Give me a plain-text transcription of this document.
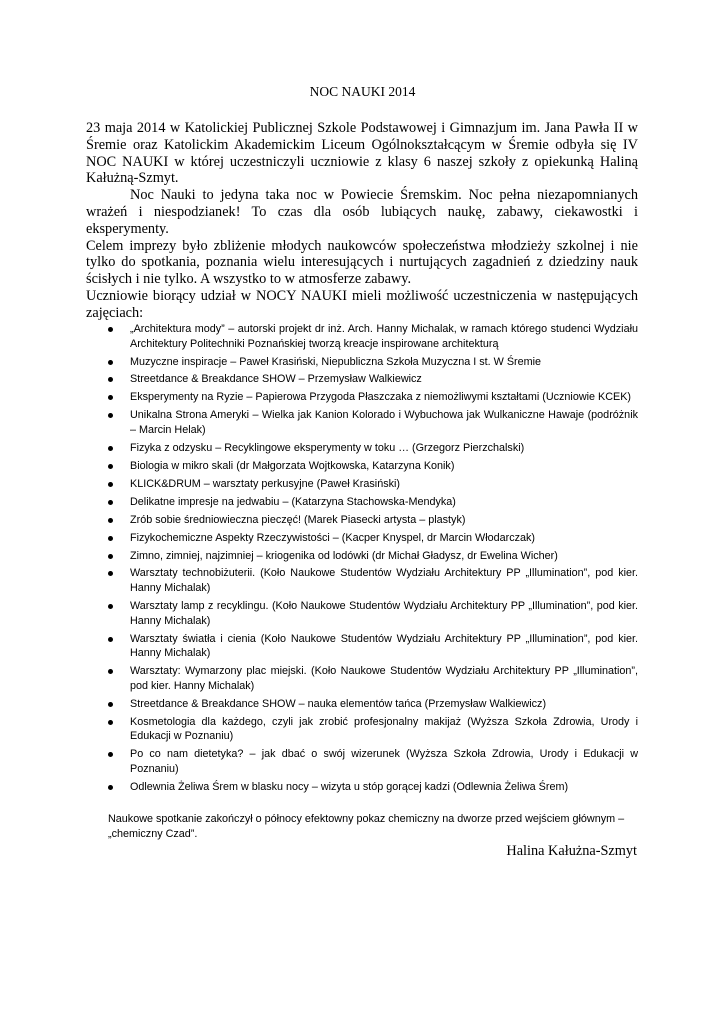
NOC NAUKI 2014

23 maja 2014 w Katolickiej Publicznej Szkole Podstawowej i Gimnazjum im. Jana Pawła II w Śremie oraz Katolickim Akademickim Liceum Ogólnokształcącym w Śremie odbyła się IV NOC NAUKI w której uczestniczyli uczniowie z klasy 6 naszej szkoły z opiekunką Haliną Kałużną-Szmyt.

Noc Nauki to jedyna taka noc w Powiecie Śremskim. Noc pełna niezapomnianych wrażeń i niespodzianek! To czas dla osób lubiących naukę, zabawy, ciekawostki i eksperymenty.

Celem imprezy było zbliżenie młodych naukowców społeczeństwa młodzieży szkolnej i nie tylko do spotkania, poznania wielu interesujących i nurtujących zagadnień z dziedziny nauk ścisłych i nie tylko. A wszystko to w atmosferze zabawy.

Uczniowie biorący udział w NOCY NAUKI mieli możliwość uczestniczenia w następujących zajęciach:

„Architektura mody” – autorski projekt dr inż. Arch. Hanny Michalak, w ramach którego studenci Wydziału Architektury Politechniki Poznańskiej tworzą kreacje inspirowane architekturą
Muzyczne inspiracje – Paweł Krasiński, Niepubliczna Szkoła Muzyczna I st. W Śremie
Streetdance & Breakdance SHOW – Przemysław Walkiewicz
Eksperymenty na Ryzie – Papierowa Przygoda Płaszczaka z niemożliwymi kształtami (Uczniowie KCEK)
Unikalna Strona Ameryki – Wielka jak Kanion Kolorado i Wybuchowa jak Wulkaniczne Hawaje (podróżnik – Marcin Helak)
Fizyka z odzysku – Recyklingowe eksperymenty w toku … (Grzegorz Pierzchalski)
Biologia w mikro skali (dr Małgorzata Wojtkowska, Katarzyna Konik)
KLICK&DRUM – warsztaty perkusyjne (Paweł Krasiński)
Delikatne impresje na jedwabiu – (Katarzyna Stachowska-Mendyka)
Zrób sobie średniowieczna pieczęć! (Marek Piasecki artysta – plastyk)
Fizykochemiczne Aspekty Rzeczywistości – (Kacper Knyspel, dr Marcin Włodarczak)
Zimno, zimniej, najzimniej – kriogenika od lodówki (dr Michał Gładysz, dr Ewelina Wicher)
Warsztaty technobiżuterii. (Koło Naukowe Studentów Wydziału Architektury PP „Illumination”, pod kier. Hanny Michalak)
Warsztaty lamp z recyklingu. (Koło Naukowe Studentów Wydziału Architektury PP „Illumination”, pod kier. Hanny Michalak)
Warsztaty światła i cienia (Koło Naukowe Studentów Wydziału Architektury PP „Illumination”, pod kier. Hanny Michalak)
Warsztaty: Wymarzony plac miejski. (Koło Naukowe Studentów Wydziału Architektury PP „Illumination”, pod kier. Hanny Michalak)
Streetdance & Breakdance SHOW – nauka elementów tańca (Przemysław Walkiewicz)
Kosmetologia dla każdego, czyli jak zrobić profesjonalny makijaż (Wyższa Szkoła Zdrowia, Urody i Edukacji w Poznaniu)
Po co nam dietetyka? – jak dbać o swój wizerunek (Wyższa Szkoła Zdrowia, Urody i Edukacji w Poznaniu)
Odlewnia Żeliwa Śrem w blasku nocy – wizyta u stóp gorącej kadzi (Odlewnia Żeliwa Śrem)

Naukowe spotkanie zakończył o północy efektowny pokaz chemiczny na dworze przed wejściem głównym – „chemiczny Czad”.

Halina Kałużna-Szmyt
